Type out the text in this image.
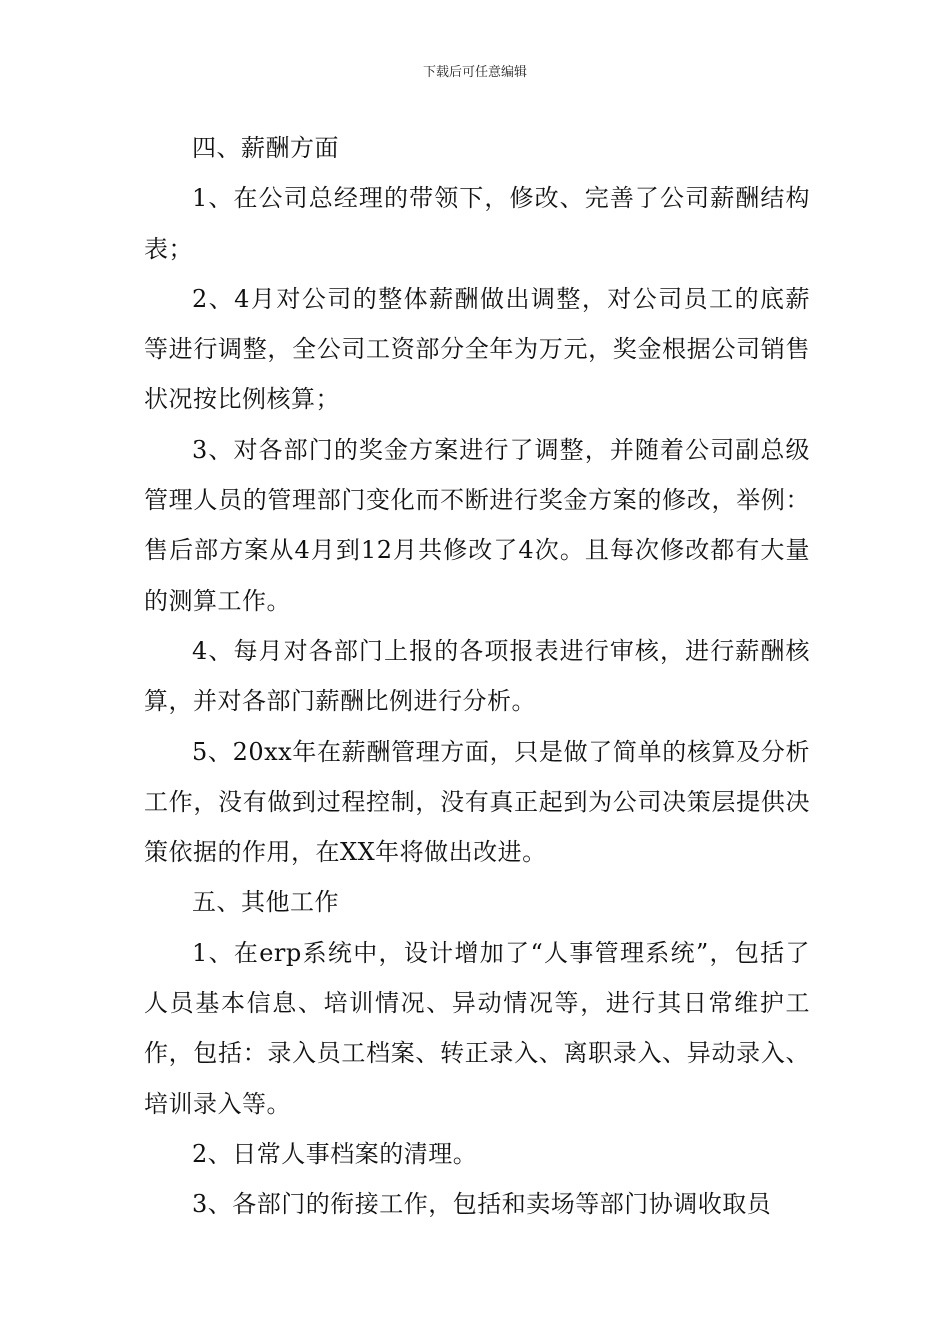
下载后可任意编辑

四、薪酬方面

1、在公司总经理的带领下，修改、完善了公司薪酬结构表；

2、4月对公司的整体薪酬做出调整，对公司员工的底薪等进行调整，全公司工资部分全年为万元，奖金根据公司销售状况按比例核算；

3、对各部门的奖金方案进行了调整，并随着公司副总级管理人员的管理部门变化而不断进行奖金方案的修改，举例：售后部方案从4月到12月共修改了4次。且每次修改都有大量的测算工作。

4、每月对各部门上报的各项报表进行审核，进行薪酬核算，并对各部门薪酬比例进行分析。

5、20xx年在薪酬管理方面，只是做了简单的核算及分析工作，没有做到过程控制，没有真正起到为公司决策层提供决策依据的作用，在XX年将做出改进。

五、其他工作

1、在erp系统中，设计增加了“人事管理系统”，包括了人员基本信息、培训情况、异动情况等，进行其日常维护工作，包括：录入员工档案、转正录入、离职录入、异动录入、培训录入等。

2、日常人事档案的清理。

3、各部门的衔接工作，包括和卖场等部门协调收取员
